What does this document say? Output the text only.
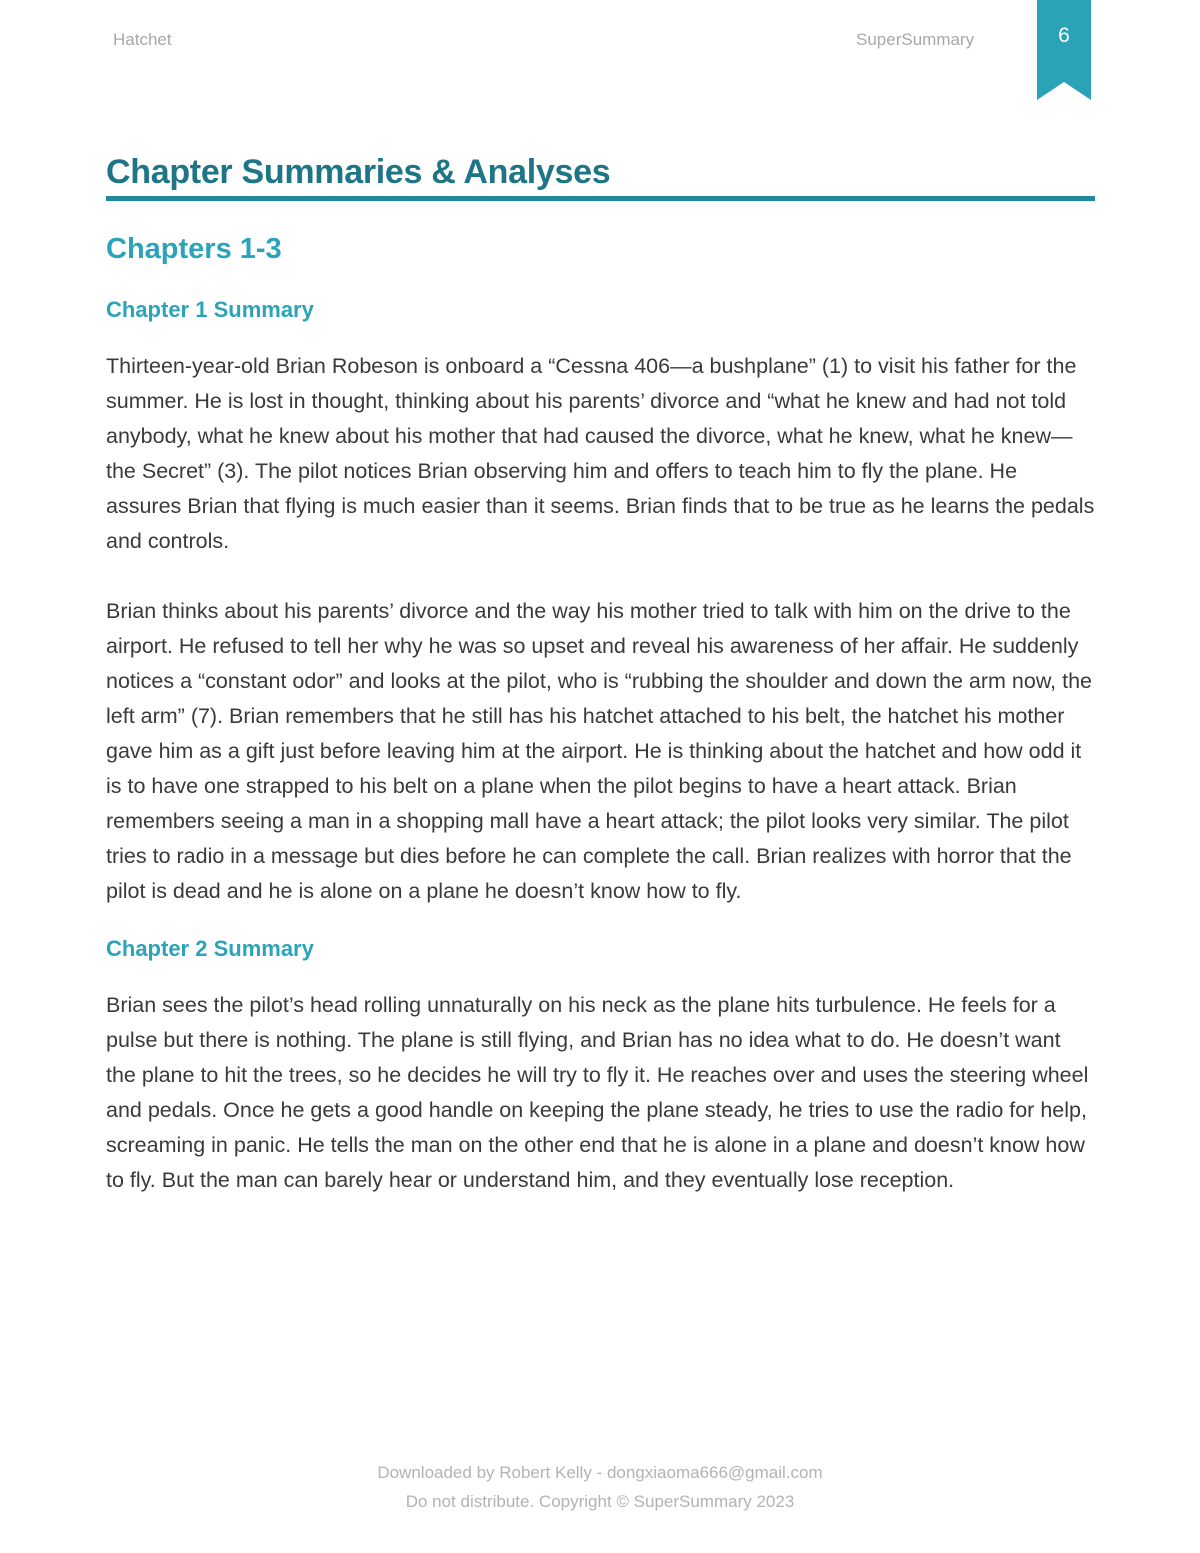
Hatchet	SuperSummary	6
Chapter Summaries & Analyses
Chapters 1-3
Chapter 1 Summary

Thirteen-year-old Brian Robeson is onboard a “Cessna 406—a bushplane” (1) to visit his father for the summer. He is lost in thought, thinking about his parents’ divorce and “what he knew and had not told anybody, what he knew about his mother that had caused the divorce, what he knew, what he knew—the Secret” (3). The pilot notices Brian observing him and offers to teach him to fly the plane. He assures Brian that flying is much easier than it seems. Brian finds that to be true as he learns the pedals and controls.

Brian thinks about his parents’ divorce and the way his mother tried to talk with him on the drive to the airport. He refused to tell her why he was so upset and reveal his awareness of her affair. He suddenly notices a “constant odor” and looks at the pilot, who is “rubbing the shoulder and down the arm now, the left arm” (7). Brian remembers that he still has his hatchet attached to his belt, the hatchet his mother gave him as a gift just before leaving him at the airport. He is thinking about the hatchet and how odd it is to have one strapped to his belt on a plane when the pilot begins to have a heart attack. Brian remembers seeing a man in a shopping mall have a heart attack; the pilot looks very similar. The pilot tries to radio in a message but dies before he can complete the call. Brian realizes with horror that the pilot is dead and he is alone on a plane he doesn’t know how to fly.

Chapter 2 Summary

Brian sees the pilot’s head rolling unnaturally on his neck as the plane hits turbulence. He feels for a pulse but there is nothing. The plane is still flying, and Brian has no idea what to do. He doesn’t want the plane to hit the trees, so he decides he will try to fly it. He reaches over and uses the steering wheel and pedals. Once he gets a good handle on keeping the plane steady, he tries to use the radio for help, screaming in panic. He tells the man on the other end that he is alone in a plane and doesn’t know how to fly. But the man can barely hear or understand him, and they eventually lose reception.

Downloaded by Robert Kelly - dongxiaoma666@gmail.com
Do not distribute. Copyright © SuperSummary 2023
